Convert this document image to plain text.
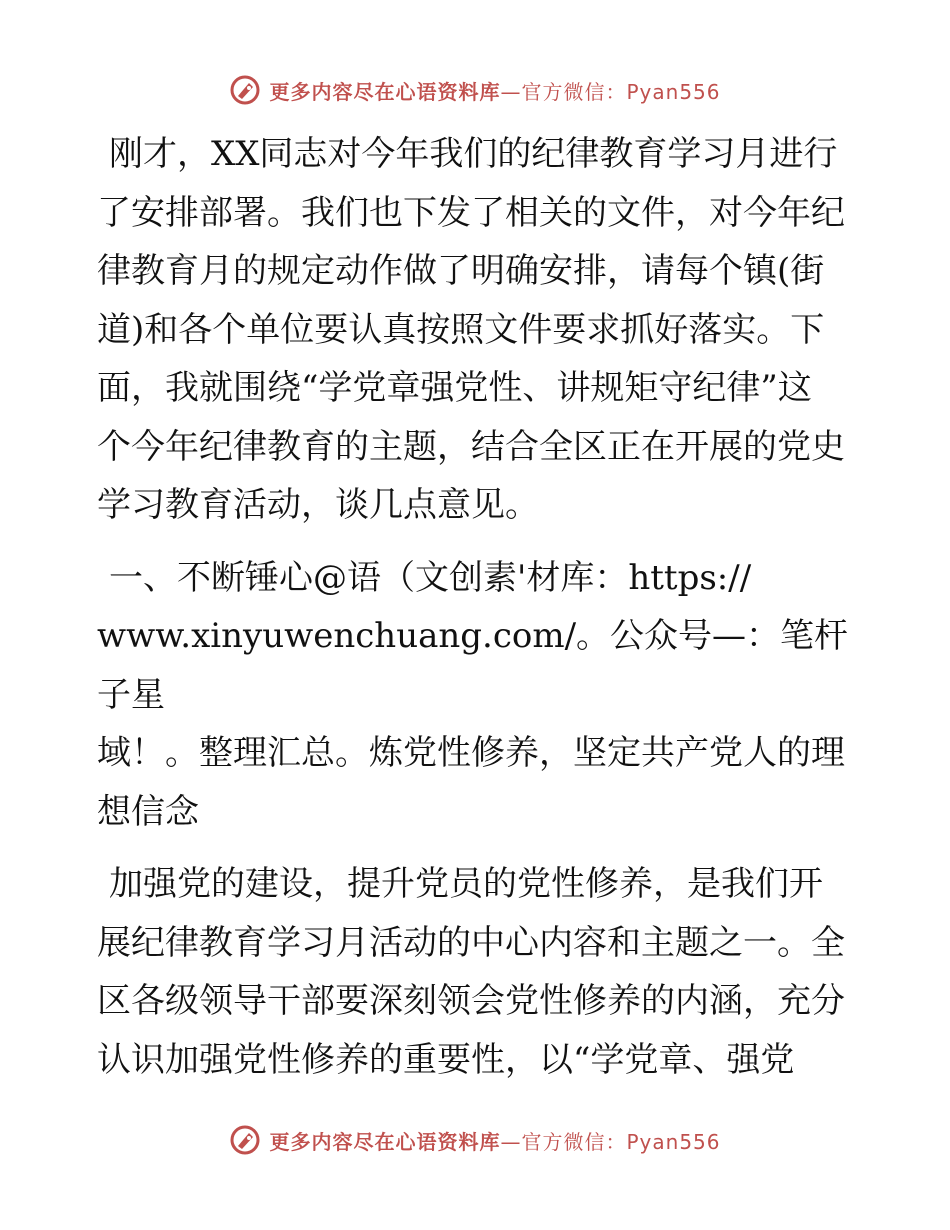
更多内容尽在心语资料库—官方微信：Pyan556
刚才，XX同志对今年我们的纪律教育学习月进行
了安排部署。我们也下发了相关的文件，对今年纪
律教育月的规定动作做了明确安排，请每个镇(街
道)和各个单位要认真按照文件要求抓好落实。下
面，我就围绕“学党章强党性、讲规矩守纪律”这
个今年纪律教育的主题，结合全区正在开展的党史
学习教育活动，谈几点意见。
一、不断锤心@语（文创素'材库：https://
www.xinyuwenchuang.com/。公众号—：笔杆子星
域！。整理汇总。炼党性修养，坚定共产党人的理
想信念
加强党的建设，提升党员的党性修养，是我们开
展纪律教育学习月活动的中心内容和主题之一。全
区各级领导干部要深刻领会党性修养的内涵，充分
认识加强党性修养的重要性，以“学党章、强党
更多内容尽在心语资料库—官方微信：Pyan556
